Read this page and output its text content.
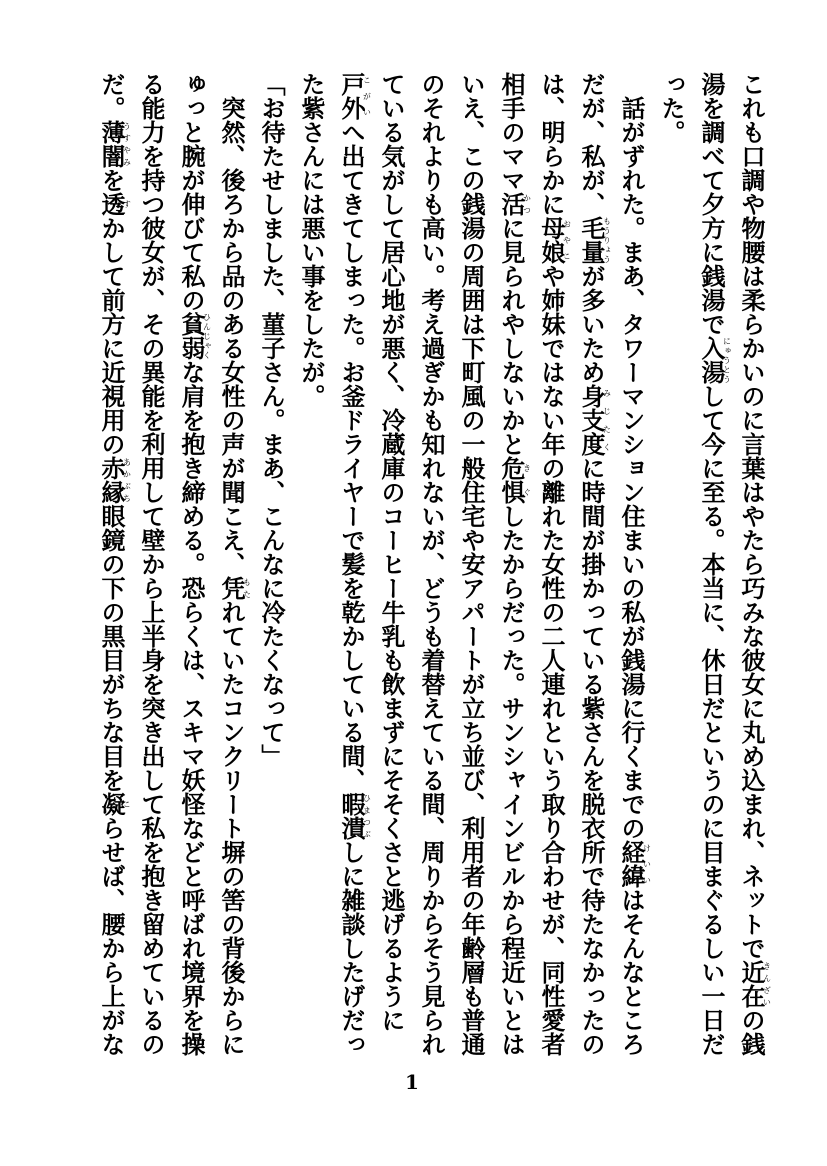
これも口調や物腰は柔らかいのに言葉はやたら巧みな彼女に丸め込まれ、ネットで近在きんざいの銭湯を調べて夕方に銭湯で入湯にゅうとうして今に至る。本当に、休日だというのに目まぐるしい一日だった。

話がずれた。まあ、タワーマンション住まいの私が銭湯に行くまでの経緯けいいはそんなところだが、私が、毛量もうりょうが多いため身支度みじたくに時間が掛かっている紫さんを脱衣所で待たなかったのは、明らかに母娘おやこや姉妹ではない年の離れた女性の二人連れという取り合わせが、同性愛者相手のママ活かつに見られやしないかと危惧きぐしたからだった。サンシャインビルから程近いとはいえ、この銭湯の周囲は下町風の一般住宅や安アパートが立ち並び、利用者の年齢層も普通のそれよりも高い。考え過ぎかも知れないが、どうも着替えている間、周りからそう見られている気がして居心地が悪く、冷蔵庫のコーヒー牛乳も飲まずにそそくさと逃げるように戸外こがいへ出てきてしまった。お釜ドライヤーで髪を乾かしている間、暇潰ひまつぶしに雑談したげだった紫さんには悪い事をしたが。

「お待たせしました、菫子さん。まあ、こんなに冷たくなって」

突然、後ろから品のある女性の声が聞こえ、凭もたれていたコンクリート塀の筈の背後からにゅっと腕が伸びて私の貧弱ひんじゃくな肩を抱き締める。恐らくは、スキマ妖怪などと呼ばれ境界を操る能力を持つ彼女が、その異能を利用して壁から上半身を突き出して私を抱き留めているのだ。薄闇うすやみを透すかして前方に近視用の赤縁あかぶち眼鏡の下の黒目がちな目を凝こらせば、腰から上がな

1
